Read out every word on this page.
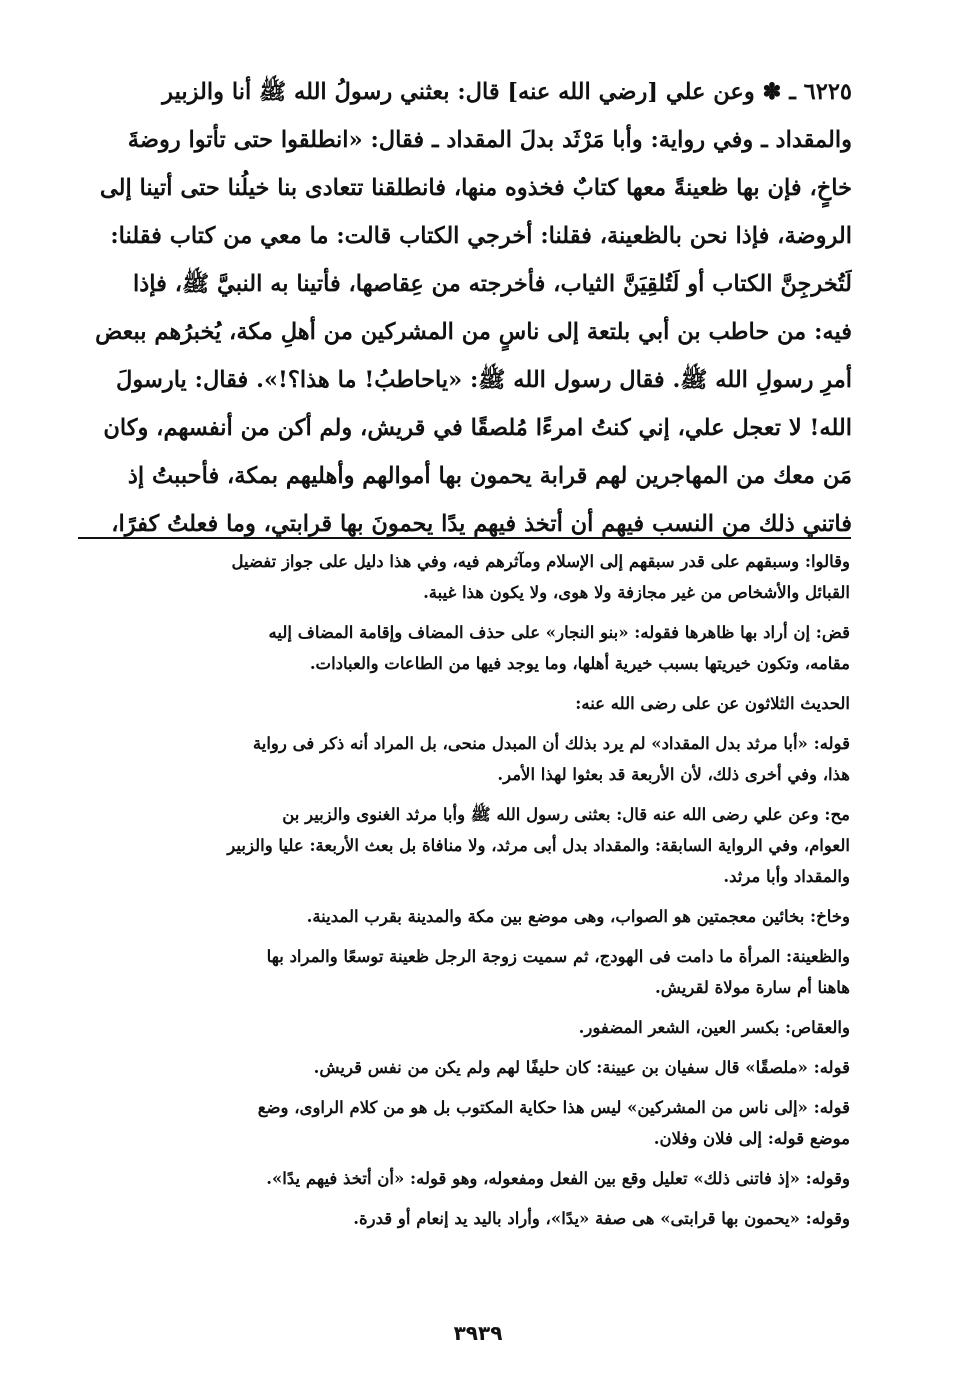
٦٢٢٥ ـ ✽ وعن علي [رضي الله عنه] قال: بعثني رسولُ الله ﷺ أنا والزبير
والمقداد ـ وفي رواية: وأبا مَرْثَد بدلَ المقداد ـ فقال: «انطلقوا حتى تأتوا روضةَ
خاخٍ، فإن بها ظعينةً معها كتابٌ فخذوه منها، فانطلقنا تتعادى بنا خيلُنا حتى أتينا إلى
الروضة، فإذا نحن بالظعينة، فقلنا: أخرجي الكتاب قالت: ما معي من كتاب فقلنا:
لَتُخرجِنَّ الكتاب أو لَتُلقِيَنَّ الثياب، فأخرجته من عِقاصها، فأتينا به النبيَّ ﷺ، فإذا
فيه: من حاطب بن أبي بلتعة إلى ناسٍ من المشركين من أهلِ مكة، يُخبرُهم ببعض
أمرِ رسولِ الله ﷺ. فقال رسول الله ﷺ: «ياحاطبُ! ما هذا؟!». فقال: يارسولَ
الله! لا تعجل علي، إني كنتُ امرءًا مُلصقًا في قريش، ولم أكن من أنفسهم، وكان
مَن معك من المهاجرين لهم قرابة يحمون بها أموالهم وأهليهم بمكة، فأحببتُ إذ
فاتني ذلك من النسب فيهم أن أتخذ فيهم يدًا يحمونَ بها قرابتي، وما فعلتُ كفرًا،
وقالوا: وسبقهم على قدر سبقهم إلى الإسلام ومآثرهم فيه، وفي هذا دليل على جواز تفضيل
القبائل والأشخاص من غير مجازفة ولا هوى، ولا يكون هذا غيبة.
قض: إن أراد بها ظاهرها فقوله: «بنو النجار» على حذف المضاف وإقامة المضاف إليه
مقامه، وتكون خيريتها بسبب خيرية أهلها، وما يوجد فيها من الطاعات والعبادات.
الحديث الثلاثون عن على رضى الله عنه:
قوله: «أبا مرثد بدل المقداد» لم يرد بذلك أن المبدل منحى، بل المراد أنه ذكر فى رواية
هذا، وفي أخرى ذلك، لأن الأربعة قد بعثوا لهذا الأمر.
مح: وعن علي رضى الله عنه قال: بعثنى رسول الله ﷺ وأبا مرثد الغنوى والزبير بن
العوام، وفي الرواية السابقة: والمقداد بدل أبى مرثد، ولا منافاة بل بعث الأربعة: عليا والزبير
والمقداد وأبا مرثد.
وخاخ: بخائين معجمتين هو الصواب، وهى موضع بين مكة والمدينة بقرب المدينة.
والظعينة: المرأة ما دامت فى الهودج، ثم سميت زوجة الرجل ظعينة توسعًا والمراد بها
هاهنا أم سارة مولاة لقريش.
والعقاص: بكسر العين، الشعر المضفور.
قوله: «ملصقًا» قال سفيان بن عيينة: كان حليفًا لهم ولم يكن من نفس قريش.
قوله: «إلى ناس من المشركين» ليس هذا حكاية المكتوب بل هو من كلام الراوى، وضع
موضع قوله: إلى فلان وفلان.
وقوله: «إذ فاتنى ذلك» تعليل وقع بين الفعل ومفعوله، وهو قوله: «أن أتخذ فيهم يدًا».
وقوله: «يحمون بها قرابتى» هى صفة «يدًا»، وأراد باليد يد إنعام أو قدرة.
٣٩٣٩
